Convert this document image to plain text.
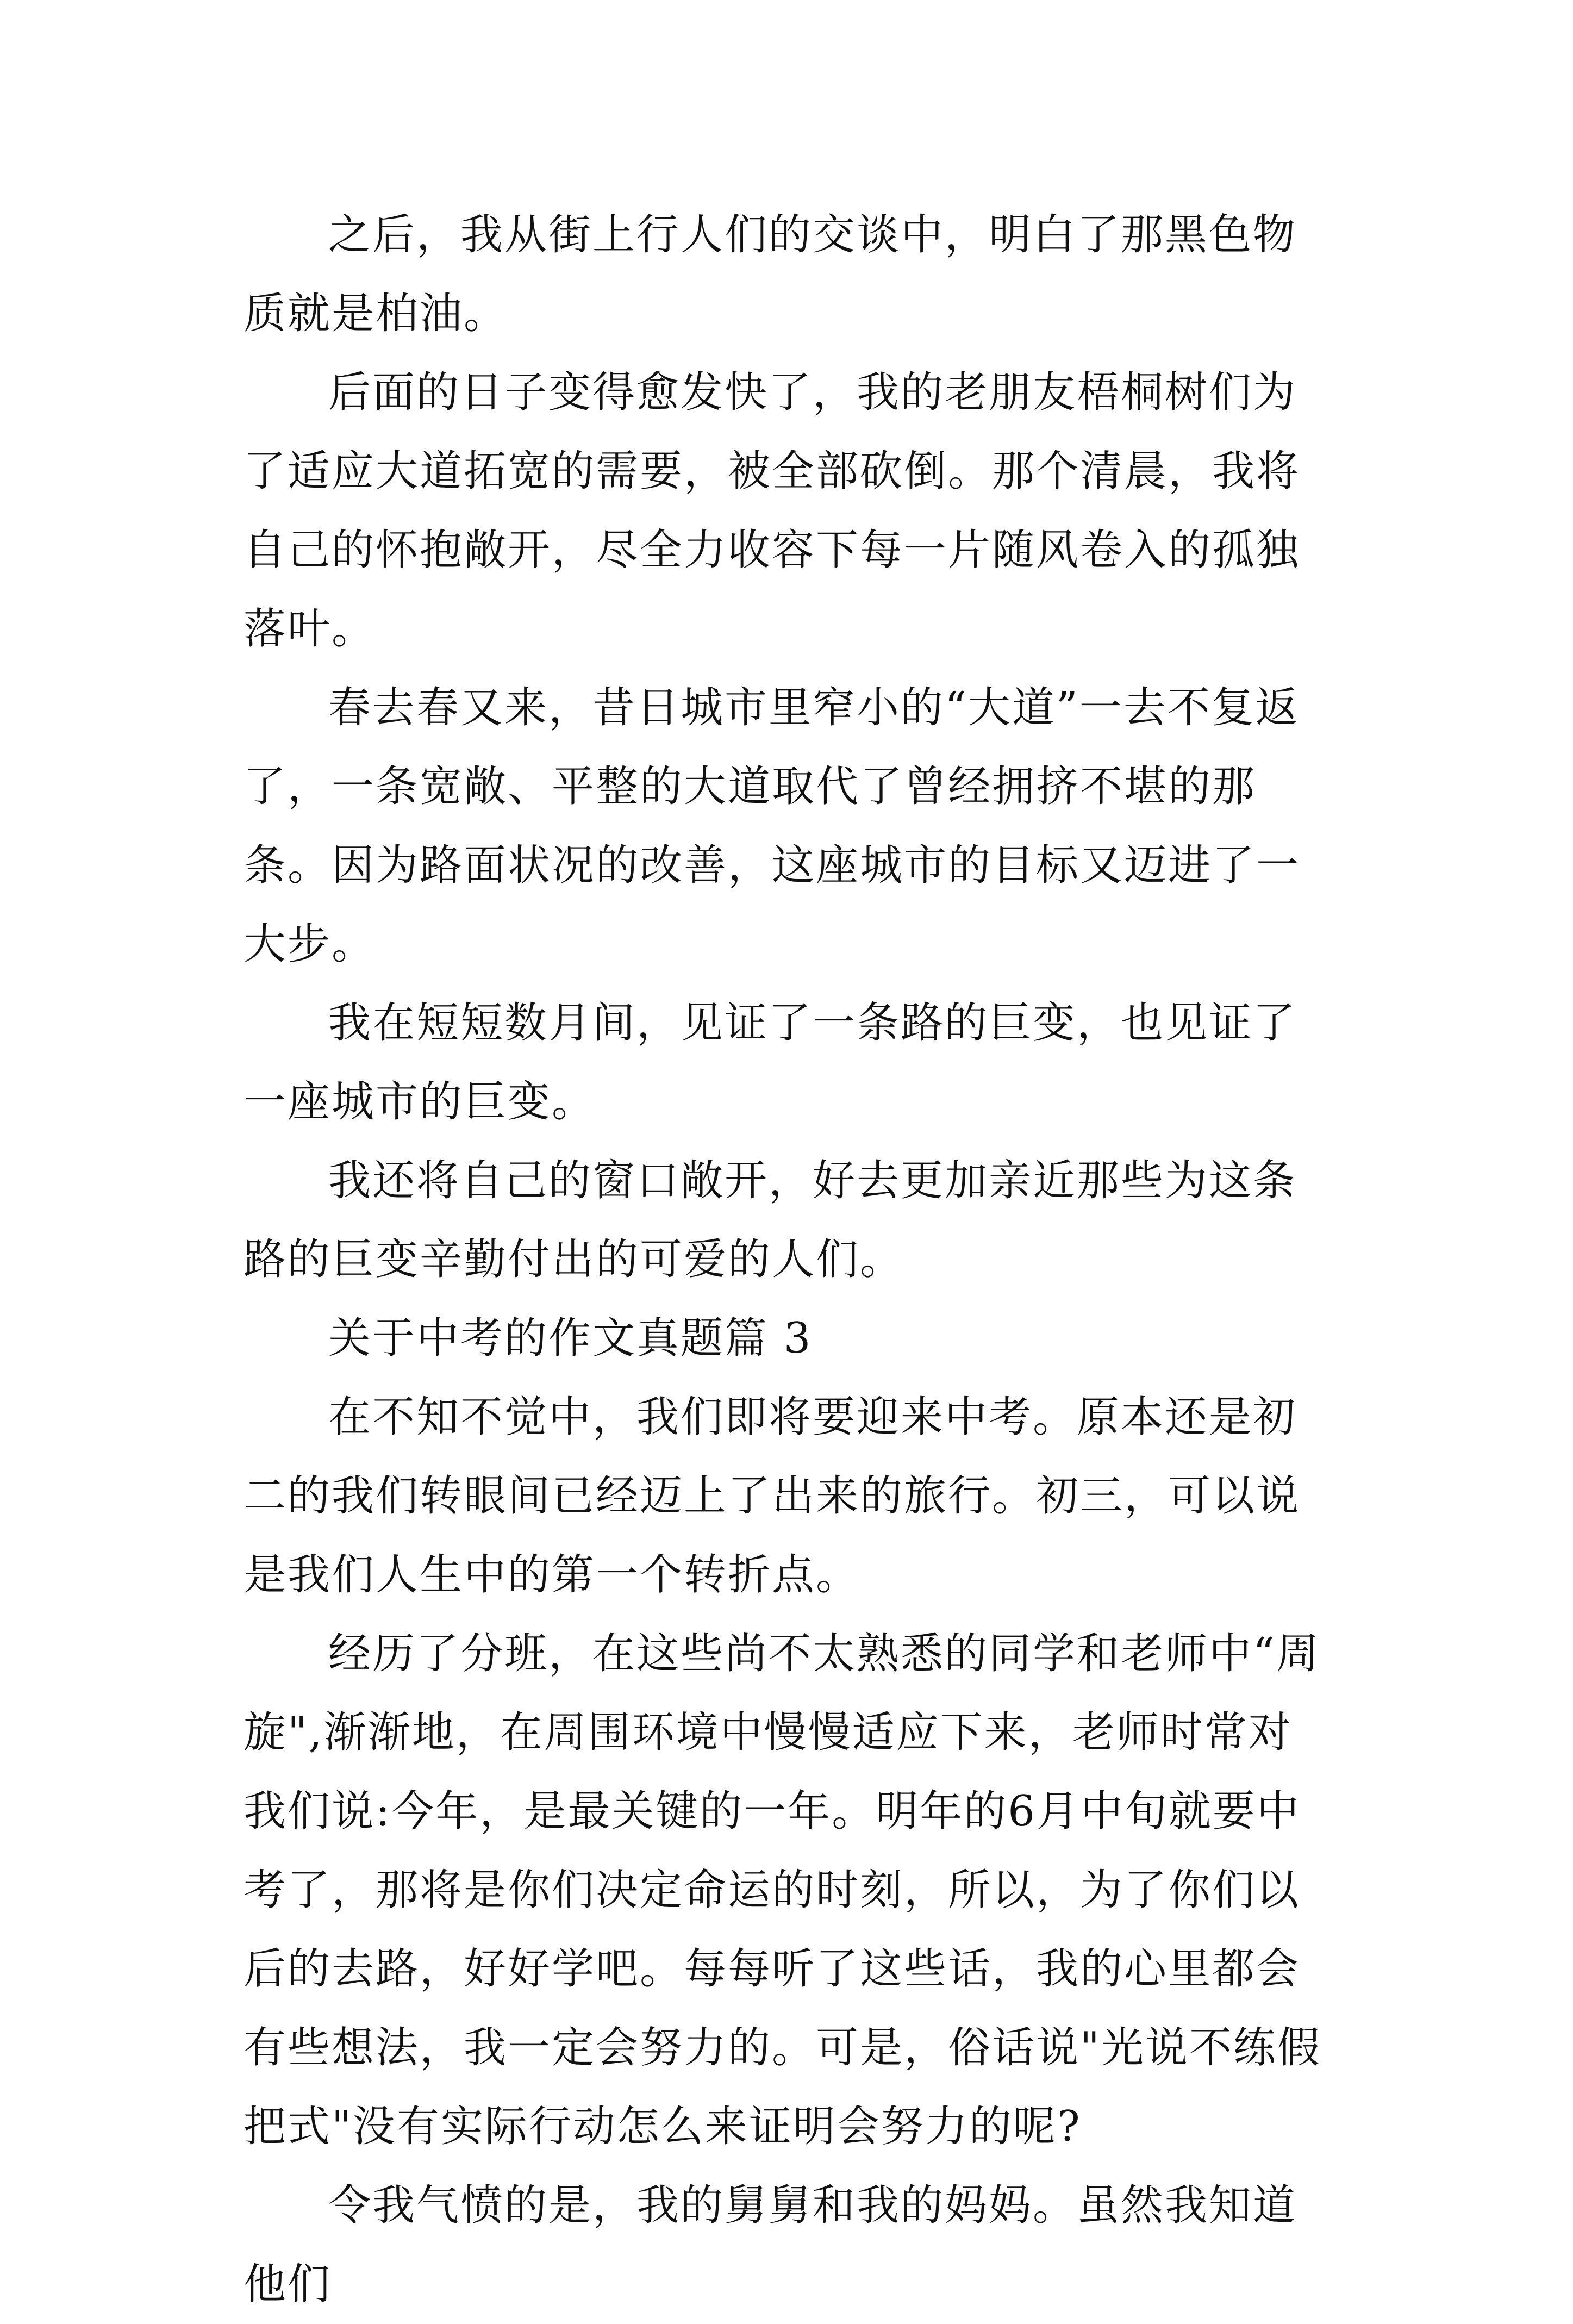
之后，我从街上行人们的交谈中，明白了那黑色物质就是柏油。

后面的日子变得愈发快了，我的老朋友梧桐树们为了适应大道拓宽的需要，被全部砍倒。那个清晨，我将自己的怀抱敞开，尽全力收容下每一片随风卷入的孤独落叶。

春去春又来，昔日城市里窄小的“大道”一去不复返了，一条宽敞、平整的大道取代了曾经拥挤不堪的那条。因为路面状况的改善，这座城市的目标又迈进了一大步。

我在短短数月间，见证了一条路的巨变，也见证了一座城市的巨变。

我还将自己的窗口敞开，好去更加亲近那些为这条路的巨变辛勤付出的可爱的人们。

关于中考的作文真题篇 3

在不知不觉中，我们即将要迎来中考。原本还是初二的我们转眼间已经迈上了出来的旅行。初三，可以说是我们人生中的第一个转折点。

经历了分班，在这些尚不太熟悉的同学和老师中“周旋",渐渐地，在周围环境中慢慢适应下来，老师时常对我们说:今年，是最关键的一年。明年的6月中旬就要中考了，那将是你们决定命运的时刻，所以，为了你们以后的去路，好好学吧。每每听了这些话，我的心里都会有些想法，我一定会努力的。可是，俗话说"光说不练假把式"没有实际行动怎么来证明会努力的呢?

令我气愤的是，我的舅舅和我的妈妈。虽然我知道他们
